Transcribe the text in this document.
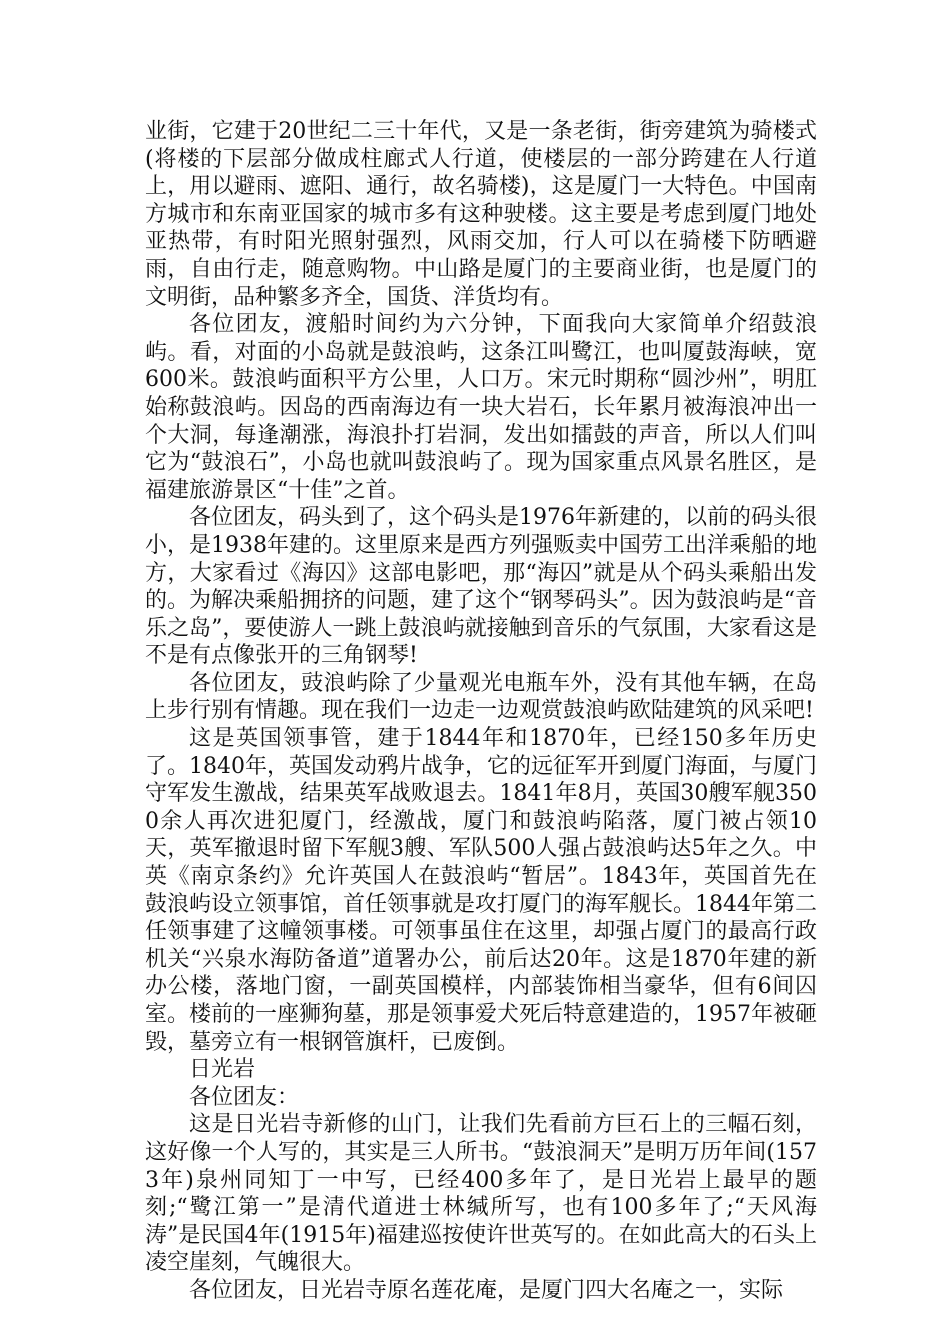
业街，它建于20世纪二三十年代，又是一条老街，街旁建筑为骑楼式(将楼的下层部分做成柱廊式人行道，使楼层的一部分跨建在人行道上，用以避雨、遮阳、通行，故名骑楼)，这是厦门一大特色。中国南方城市和东南亚国家的城市多有这种驶楼。这主要是考虑到厦门地处亚热带，有时阳光照射强烈，风雨交加，行人可以在骑楼下防晒避雨，自由行走，随意购物。中山路是厦门的主要商业街，也是厦门的文明街，品种繁多齐全，国货、洋货均有。

各位团友，渡船时间约为六分钟，下面我向大家简单介绍鼓浪屿。看，对面的小岛就是鼓浪屿，这条江叫鹭江，也叫厦鼓海峡，宽600米。鼓浪屿面积平方公里，人口万。宋元时期称“圆沙州”，明肛始称鼓浪屿。因岛的西南海边有一块大岩石，长年累月被海浪冲出一个大洞，每逢潮涨，海浪扑打岩洞，发出如擂鼓的声音，所以人们叫它为“鼓浪石”，小岛也就叫鼓浪屿了。现为国家重点风景名胜区，是福建旅游景区“十佳”之首。

各位团友，码头到了，这个码头是1976年新建的，以前的码头很小，是1938年建的。这里原来是西方列强贩卖中国劳工出洋乘船的地方，大家看过《海囚》这部电影吧，那“海囚”就是从个码头乘船出发的。为解决乘船拥挤的问题，建了这个“钢琴码头”。因为鼓浪屿是“音乐之岛”，要使游人一跳上鼓浪屿就接触到音乐的气氛围，大家看这是不是有点像张开的三角钢琴!

各位团友，豉浪屿除了少量观光电瓶车外，没有其他车辆，在岛上步行别有情趣。现在我们一边走一边观赏鼓浪屿欧陆建筑的风采吧!

这是英国领事管，建于1844年和1870年，已经150多年历史了。1840年，英国发动鸦片战争，它的远征军开到厦门海面，与厦门守军发生激战，结果英军战败退去。1841年8月，英国30艘军舰3500余人再次进犯厦门，经激战，厦门和鼓浪屿陷落，厦门被占领10天，英军撤退时留下军舰3艘、军队500人强占鼓浪屿达5年之久。中英《南京条约》允许英国人在鼓浪屿“暂居”。1843年，英国首先在鼓浪屿设立领事馆，首任领事就是攻打厦门的海军舰长。1844年第二任领事建了这幢领事楼。可领事虽住在这里，却强占厦门的最高行政机关“兴泉水海防备道”道署办公，前后达20年。这是1870年建的新办公楼，落地门窗，一副英国模样，内部装饰相当豪华，但有6间囚室。楼前的一座狮狗墓，那是领事爱犬死后特意建造的，1957年被砸毁，墓旁立有一根钢管旗杆，已废倒。

日光岩

各位团友：

这是日光岩寺新修的山门，让我们先看前方巨石上的三幅石刻，这好像一个人写的，其实是三人所书。“鼓浪洞天”是明万历年间(1573年)泉州同知丁一中写，已经400多年了，是日光岩上最早的题刻;“鹭江第一”是清代道进士林缄所写，也有100多年了;“天风海涛”是民国4年(1915年)福建巡按使许世英写的。在如此高大的石头上凌空崖刻，气魄很大。

各位团友，日光岩寺原名莲花庵，是厦门四大名庵之一，实际
